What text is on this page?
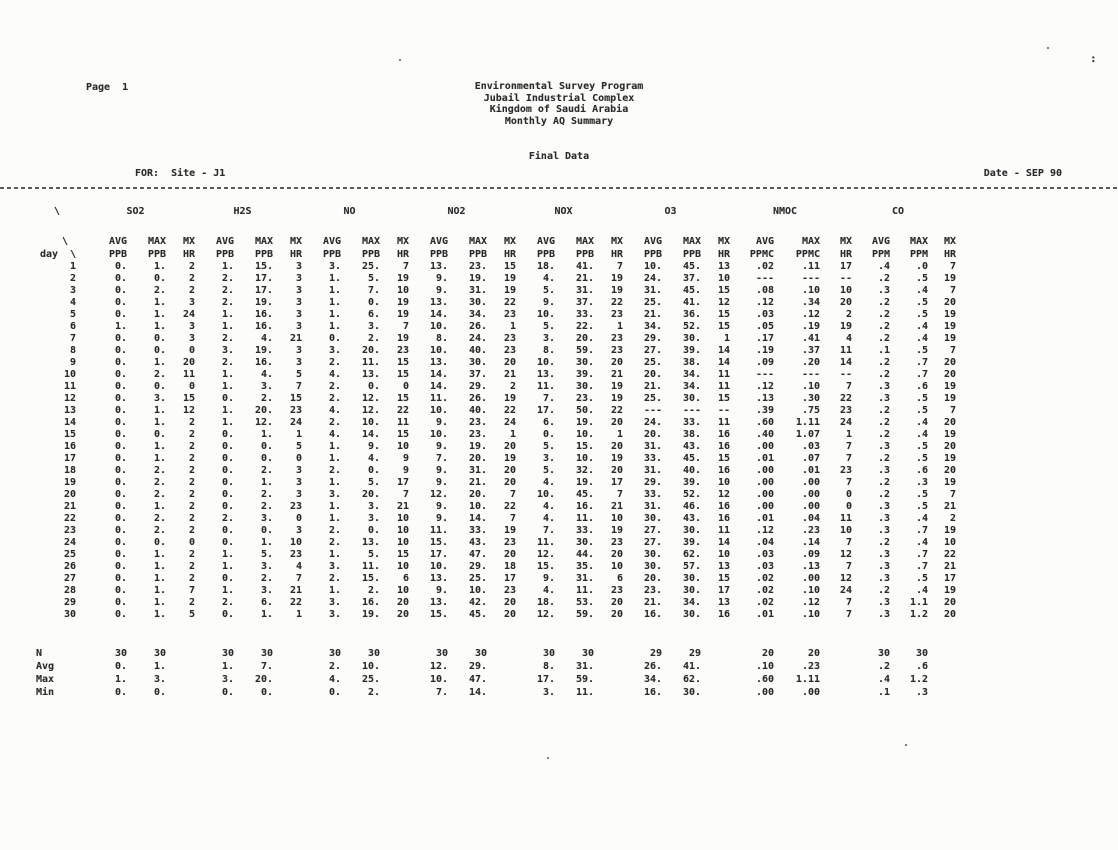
Page  1	Environmental Survey Program
Jubail Industrial Complex
Kingdom of Saudi Arabia
Monthly AQ Summary
Final Data
FOR:  Site - J1	Date - SEP 90
\	SO2			H2S			NO			NO2			NOX			O3			NMOC			CO		
\	AVG	MAX	MX	AVG	MAX	MX	AVG	MAX	MX	AVG	MAX	MX	AVG	MAX	MX	AVG	MAX	MX	AVG	MAX	MX	AVG	MAX	MX
day \	PPB	PPB	HR	PPB	PPB	HR	PPB	PPB	HR	PPB	PPB	HR	PPB	PPB	HR	PPB	PPB	HR	PPMC	PPMC	HR	PPM	PPM	HR
1	0.	1.	2	1.	15.	3	3.	25.	7	13.	23.	15	18.	41.	7	10.	45.	13	.02	.11	17	.4	.0	7
2	0.	0.	2	2.	17.	3	1.	5.	19	9.	19.	19	4.	21.	19	24.	37.	10	---	---	--	.2	.5	19
3	0.	2.	2	2.	17.	3	1.	7.	10	9.	31.	19	5.	31.	19	31.	45.	15	.08	.10	10	.3	.4	7
4	0.	1.	3	2.	19.	3	1.	0.	19	13.	30.	22	9.	37.	22	25.	41.	12	.12	.34	20	.2	.5	20
5	0.	1.	24	1.	16.	3	1.	6.	19	14.	34.	23	10.	33.	23	21.	36.	15	.03	.12	2	.2	.5	19
6	1.	1.	3	1.	16.	3	1.	3.	7	10.	26.	1	5.	22.	1	34.	52.	15	.05	.19	19	.2	.4	19
7	0.	0.	3	2.	4.	21	0.	2.	19	8.	24.	23	3.	20.	23	29.	30.	1	.17	.41	4	.2	.4	19
8	0.	0.	0	3.	19.	3	3.	20.	23	10.	40.	23	8.	59.	23	27.	39.	14	.19	.37	11	.1	.5	7
9	0.	1.	20	2.	16.	3	2.	11.	15	13.	30.	20	10.	30.	20	25.	38.	14	.09	.20	14	.2	.7	20
10	0.	2.	11	1.	4.	5	4.	13.	15	14.	37.	21	13.	39.	21	20.	34.	11	---	---	--	.2	.7	20
11	0.	0.	0	1.	3.	7	2.	0.	0	14.	29.	2	11.	30.	19	21.	34.	11	.12	.10	7	.3	.6	19
12	0.	3.	15	0.	2.	15	2.	12.	15	11.	26.	19	7.	23.	19	25.	30.	15	.13	.30	22	.3	.5	19
13	0.	1.	12	1.	20.	23	4.	12.	22	10.	40.	22	17.	50.	22	---	---	--	.39	.75	23	.2	.5	7
14	0.	1.	2	1.	12.	24	2.	10.	11	9.	23.	24	6.	19.	20	24.	33.	11	.60	1.11	24	.2	.4	20
15	0.	0.	2	0.	1.	1	4.	14.	15	10.	23.	1	0.	10.	1	20.	38.	16	.40	1.07	1	.2	.4	19
16	0.	1.	2	0.	0.	5	1.	9.	10	9.	19.	20	5.	15.	20	31.	43.	16	.00	.03	7	.3	.5	20
17	0.	1.	2	0.	0.	0	1.	4.	9	7.	20.	19	3.	10.	19	33.	45.	15	.01	.07	7	.2	.5	19
18	0.	2.	2	0.	2.	3	2.	0.	9	9.	31.	20	5.	32.	20	31.	40.	16	.00	.01	23	.3	.6	20
19	0.	2.	2	0.	1.	3	1.	5.	17	9.	21.	20	4.	19.	17	29.	39.	10	.00	.00	7	.2	.3	19
20	0.	2.	2	0.	2.	3	3.	20.	7	12.	20.	7	10.	45.	7	33.	52.	12	.00	.00	0	.2	.5	7
21	0.	1.	2	0.	2.	23	1.	3.	21	9.	10.	22	4.	16.	21	31.	46.	16	.00	.00	0	.3	.5	21
22	0.	2.	2	2.	3.	0	1.	3.	10	9.	14.	7	4.	11.	10	30.	43.	16	.01	.04	11	.3	.4	2
23	0.	2.	2	0.	0.	3	2.	0.	10	11.	33.	19	7.	33.	19	27.	30.	11	.12	.23	10	.3	.7	19
24	0.	0.	0	0.	1.	10	2.	13.	10	15.	43.	23	11.	30.	23	27.	39.	14	.04	.14	7	.2	.4	10
25	0.	1.	2	1.	5.	23	1.	5.	15	17.	47.	20	12.	44.	20	30.	62.	10	.03	.09	12	.3	.7	22
26	0.	1.	2	1.	3.	4	3.	11.	10	10.	29.	18	15.	35.	10	30.	57.	13	.03	.13	7	.3	.7	21
27	0.	1.	2	0.	2.	7	2.	15.	6	13.	25.	17	9.	31.	6	20.	30.	15	.02	.00	12	.3	.5	17
28	0.	1.	7	1.	3.	21	1.	2.	10	9.	10.	23	4.	11.	23	23.	30.	17	.02	.10	24	.2	.4	19
29	0.	1.	2	2.	6.	22	3.	16.	20	13.	42.	20	18.	53.	20	21.	34.	13	.02	.12	7	.3	1.1	20
30	0.	1.	5	0.	1.	1	3.	19.	20	15.	45.	20	12.	59.	20	16.	30.	16	.01	.10	7	.3	1.2	20

N	30	30		30	30		30	30		30	30		30	30		29	29		20	20		30	30	
Avg	0.	1.		1.	7.		2.	10.		12.	29.		8.	31.		26.	41.		.10	.23		.2	.6	
Max	1.	3.		3.	20.		4.	25.		10.	47.		17.	59.		34.	62.		.60	1.11		.4	1.2	
Min	0.	0.		0.	0.		0.	2.		7.	14.		3.	11.		16.	30.		.00	.00		.1	.3	
:
